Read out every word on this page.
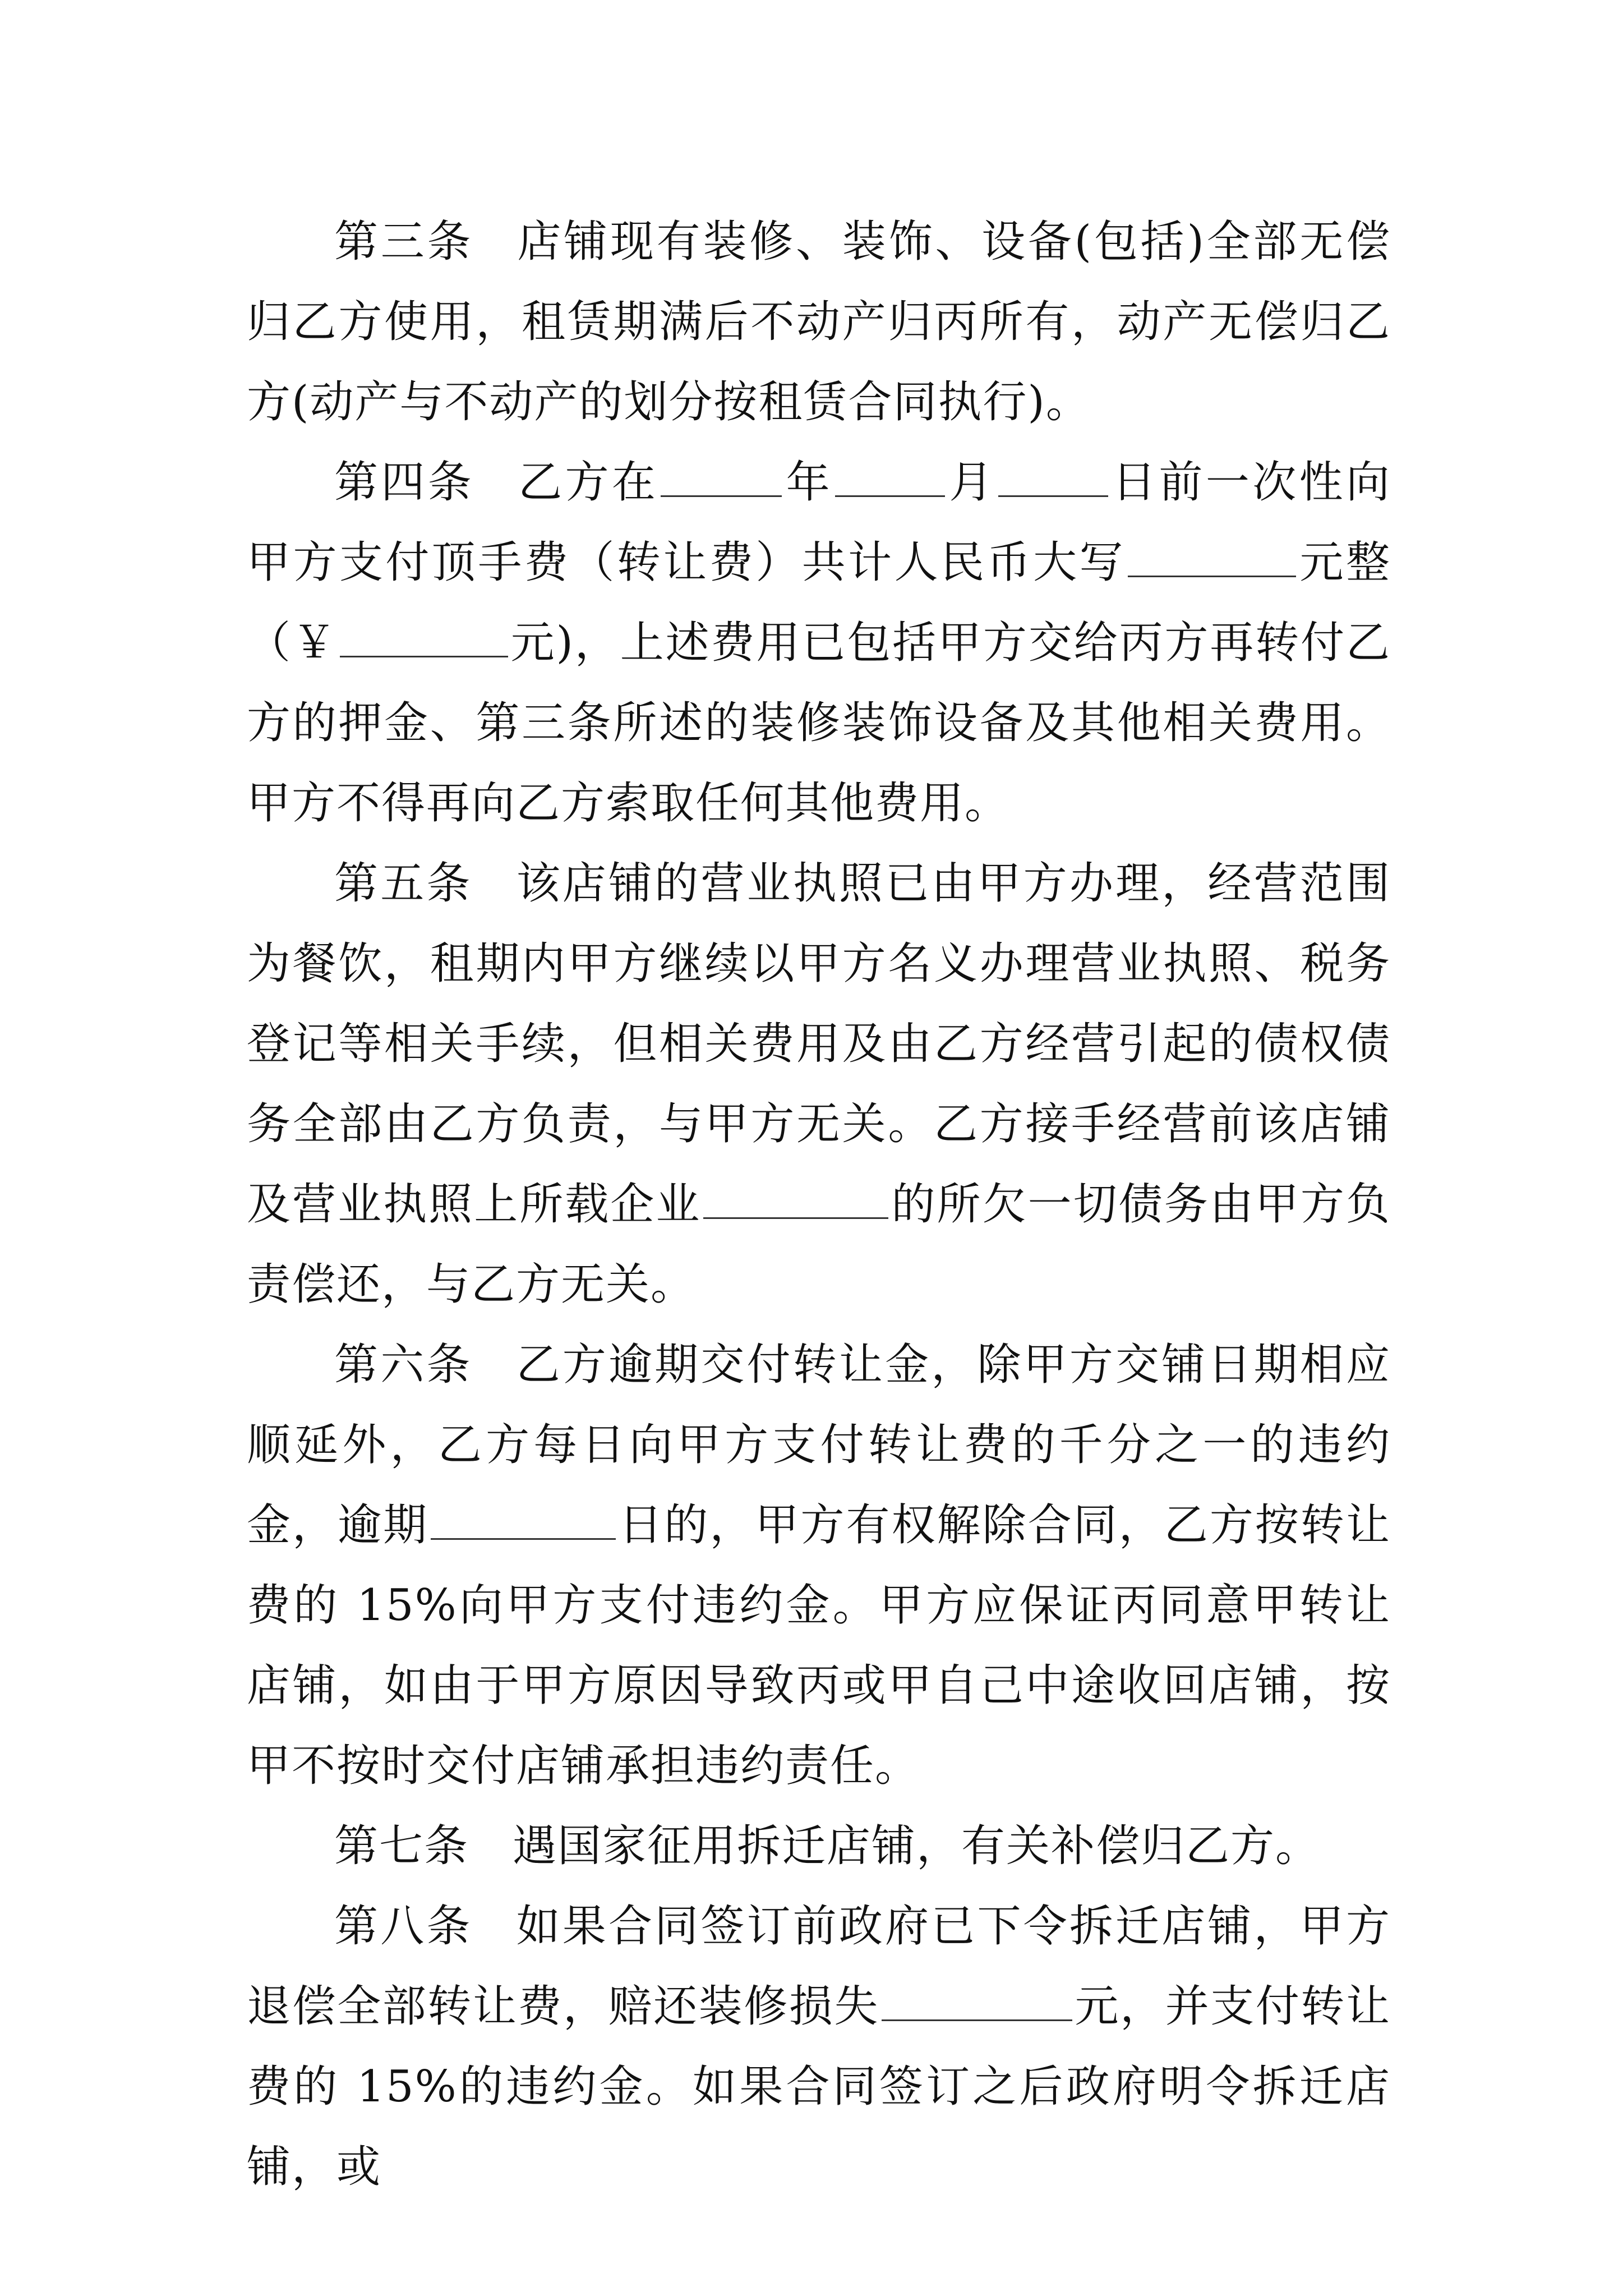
第三条 店铺现有装修、装饰、设备(包括)全部无偿归乙方使用，租赁期满后不动产归丙所有，动产无偿归乙方(动产与不动产的划分按租赁合同执行)。

第四条 乙方在	年	月	日前一次性向甲方支付顶手费（转让费）共计人民币大写	元整（￥	元)，上述费用已包括甲方交给丙方再转付乙方的押金、第三条所述的装修装饰设备及其他相关费用。甲方不得再向乙方索取任何其他费用。

第五条 该店铺的营业执照已由甲方办理，经营范围为餐饮，租期内甲方继续以甲方名义办理营业执照、税务登记等相关手续，但相关费用及由乙方经营引起的债权债务全部由乙方负责，与甲方无关。乙方接手经营前该店铺及营业执照上所载企业	的所欠一切债务由甲方负责偿还，与乙方无关。

第六条 乙方逾期交付转让金，除甲方交铺日期相应顺延外，乙方每日向甲方支付转让费的千分之一的违约金，逾期	日的，甲方有权解除合同，乙方按转让费的 15%向甲方支付违约金。甲方应保证丙同意甲转让店铺，如由于甲方原因导致丙或甲自己中途收回店铺，按甲不按时交付店铺承担违约责任。

第七条 遇国家征用拆迁店铺，有关补偿归乙方。

第八条 如果合同签订前政府已下令拆迁店铺，甲方退偿全部转让费，赔还装修损失	元，并支付转让费的 15%的违约金。如果合同签订之后政府明令拆迁店铺，或
